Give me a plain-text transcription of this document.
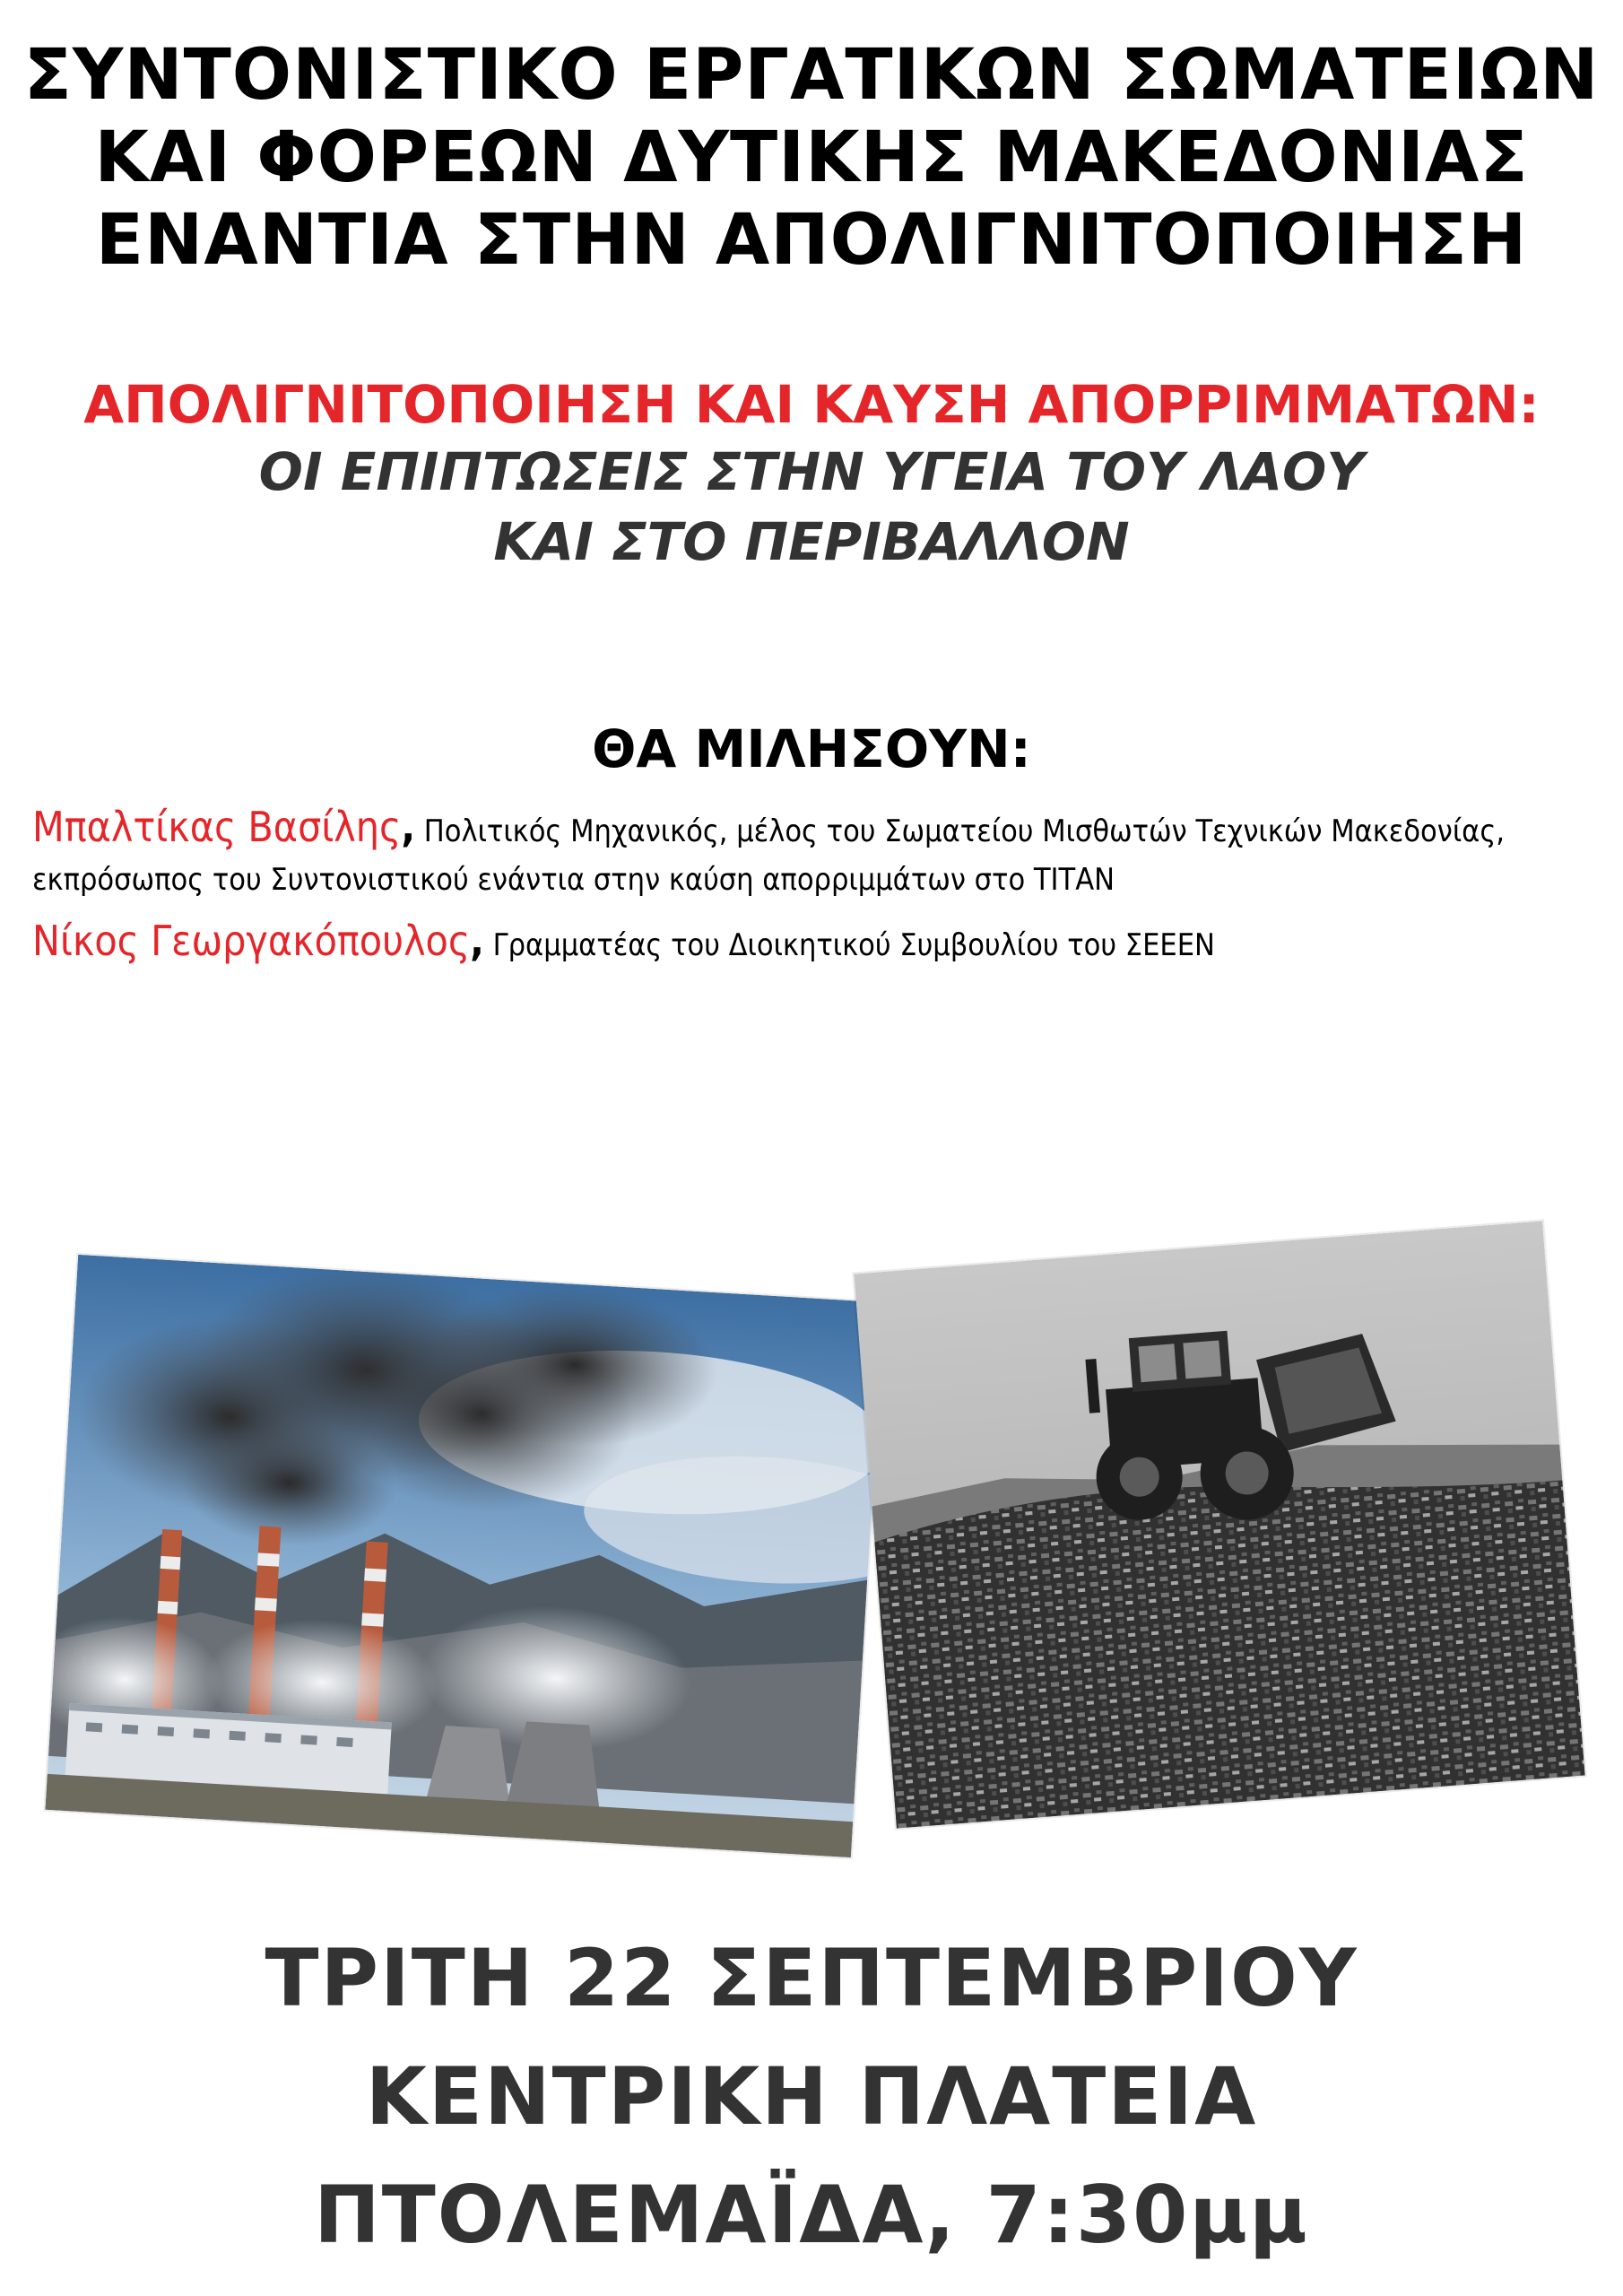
ΣΥΝΤΟΝΙΣΤΙΚΟ ΕΡΓΑΤΙΚΩΝ ΣΩΜΑΤΕΙΩΝ
ΚΑΙ ΦΟΡΕΩΝ ΔΥΤΙΚΗΣ ΜΑΚΕΔΟΝΙΑΣ
ΕΝΑΝΤΙΑ ΣΤΗΝ ΑΠΟΛΙΓΝΙΤΟΠΟΙΗΣΗ
ΑΠΟΛΙΓΝΙΤΟΠΟΙΗΣΗ ΚΑΙ ΚΑΥΣΗ ΑΠΟΡΡΙΜΜΑΤΩΝ:
ΟΙ ΕΠΙΠΤΩΣΕΙΣ ΣΤΗΝ ΥΓΕΙΑ ΤΟΥ ΛΑΟΥ
ΚΑΙ ΣΤΟ ΠΕΡΙΒΑΛΛΟΝ
ΘΑ ΜΙΛΗΣΟΥΝ:
Μπαλτίκας Βασίλης, Πολιτικός Μηχανικός, μέλος του Σωματείου Μισθωτών Τεχνικών Μακεδονίας, εκπρόσωπος του Συντονιστικού ενάντια στην καύση απορριμμάτων στο ΤΙΤΑΝ
Νίκος Γεωργακόπουλος, Γραμματέας του Διοικητικού Συμβουλίου του ΣΕΕΕΝ
ΤΡΙΤΗ 22 ΣΕΠΤΕΜΒΡΙΟΥ
ΚΕΝΤΡΙΚΗ ΠΛΑΤΕΙΑ
ΠΤΟΛΕΜΑΪΔΑ, 7:30μμ
